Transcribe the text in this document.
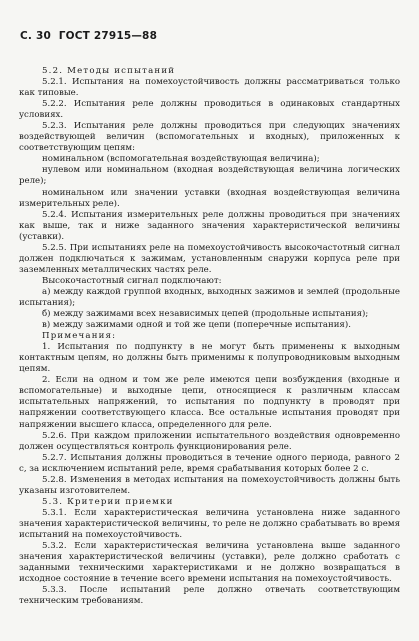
С. 30 ГОСТ 27915—88

5.2. Методы испытаний

5.2.1. Испытания на помехоустойчивость должны рассматриваться только как типовые.

5.2.2. Испытания реле должны проводиться в одинаковых стандартных условиях.

5.2.3. Испытания реле должны проводиться при следующих значениях воздействующей величин (вспомогательных и входных), приложенных к соответствующим цепям:

номинальном (вспомогательная воздействующая величина);

нулевом или номинальном (входная воздействующая величина логических реле);

номинальном или значении уставки (входная воздействующая величина измерительных реле).

5.2.4. Испытания измерительных реле должны проводиться при значениях как выше, так и ниже заданного значения характеристической величины (уставки).

5.2.5. При испытаниях реле на помехоустойчивость высокочастотный сигнал должен подключаться к зажимам, установленным снаружи корпуса реле при заземленных металлических частях реле.

Высокочастотный сигнал подключают:

а) между каждой группой входных, выходных зажимов и землей (продольные испытания);

б) между зажимами всех независимых цепей (продольные испытания);

в) между зажимами одной и той же цепи (поперечные испытания).

Примечания:

1. Испытания по подпункту в не могут быть применены к выходным контактным цепям, но должны быть применимы к полупроводниковым выходным цепям.

2. Если на одном и том же реле имеются цепи возбуждения (входные и вспомогательные) и выходные цепи, относящиеся к различным классам испытательных напряжений, то испытания по подпункту в проводят при напряжении соответствующего класса. Все остальные испытания проводят при напряжении высшего класса, определенного для реле.

5.2.6. При каждом приложении испытательного воздействия одновременно должен осуществляться контроль функционирования реле.

5.2.7. Испытания должны проводиться в течение одного периода, равного 2 с, за исключением испытаний реле, время срабатывания которых более 2 с.

5.2.8. Изменения в методах испытания на помехоустойчивость должны быть указаны изготовителем.

5.3. Критерии приемки

5.3.1. Если характеристическая величина установлена ниже заданного значения характеристической величины, то реле не должно срабатывать во время испытаний на помехоустойчивость.

5.3.2. Если характеристическая величина установлена выше заданного значения характеристической величины (уставки), реле должно сработать с заданными техническими характеристиками и не должно возвращаться в исходное состояние в течение всего времени испытания на помехоустойчивость.

5.3.3. После испытаний реле должно отвечать соответствующим техническим требованиям.
